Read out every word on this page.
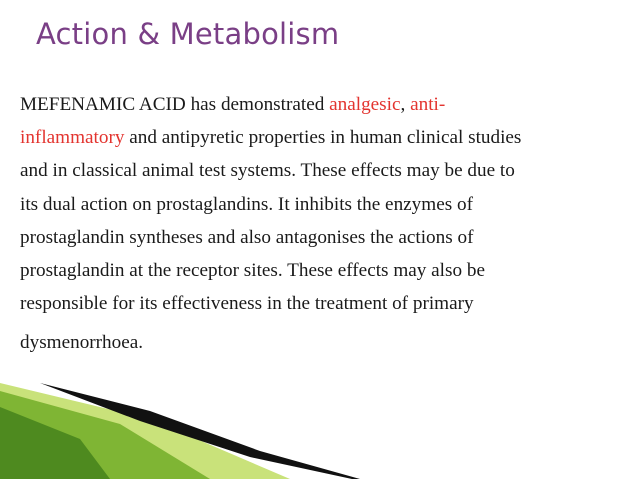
Action & Metabolism
MEFENAMIC ACID has demonstrated analgesic, anti-
inflammatory and antipyretic properties in human clinical studies
and in classical animal test systems. These effects may be due to
its dual action on prostaglandins. It inhibits the enzymes of
prostaglandin syntheses and also antagonises the actions of
prostaglandin at the receptor sites. These effects may also be
responsible for its effectiveness in the treatment of primary
dysmenorrhoea.
